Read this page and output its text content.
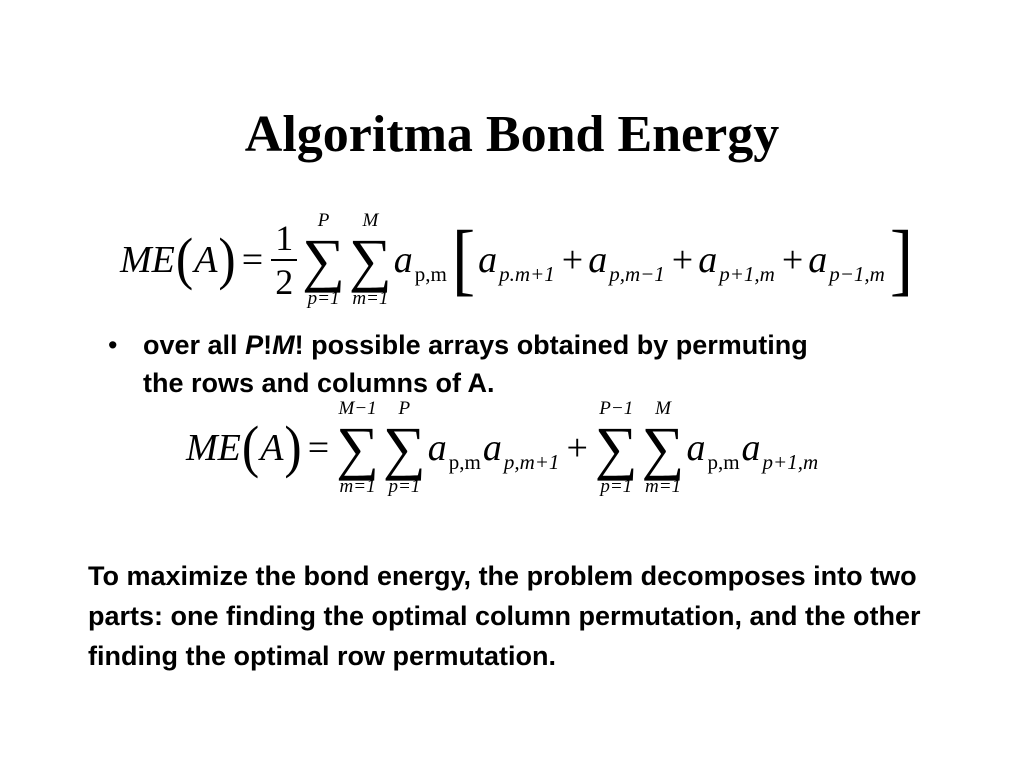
Algoritma Bond Energy
ME ( A ) = $\frac{1}{2}$ P
∑
p=1
M
∑
m=1
a p,m [ a p.m+1 + a p,m−1 + a p+1,m + a p−1,m ]
• over all P!M! possible arrays obtained by permuting the rows and columns of A.
ME ( A ) =
M−1
∑
m=1
P
∑
p=1
a p,m a p,m+1 +
P−1
∑
p=1
M
∑
m=1
a p,m a p+1,m

To maximize the bond energy, the problem decomposes into two parts: one finding the optimal column permutation, and the other finding the optimal row permutation.
